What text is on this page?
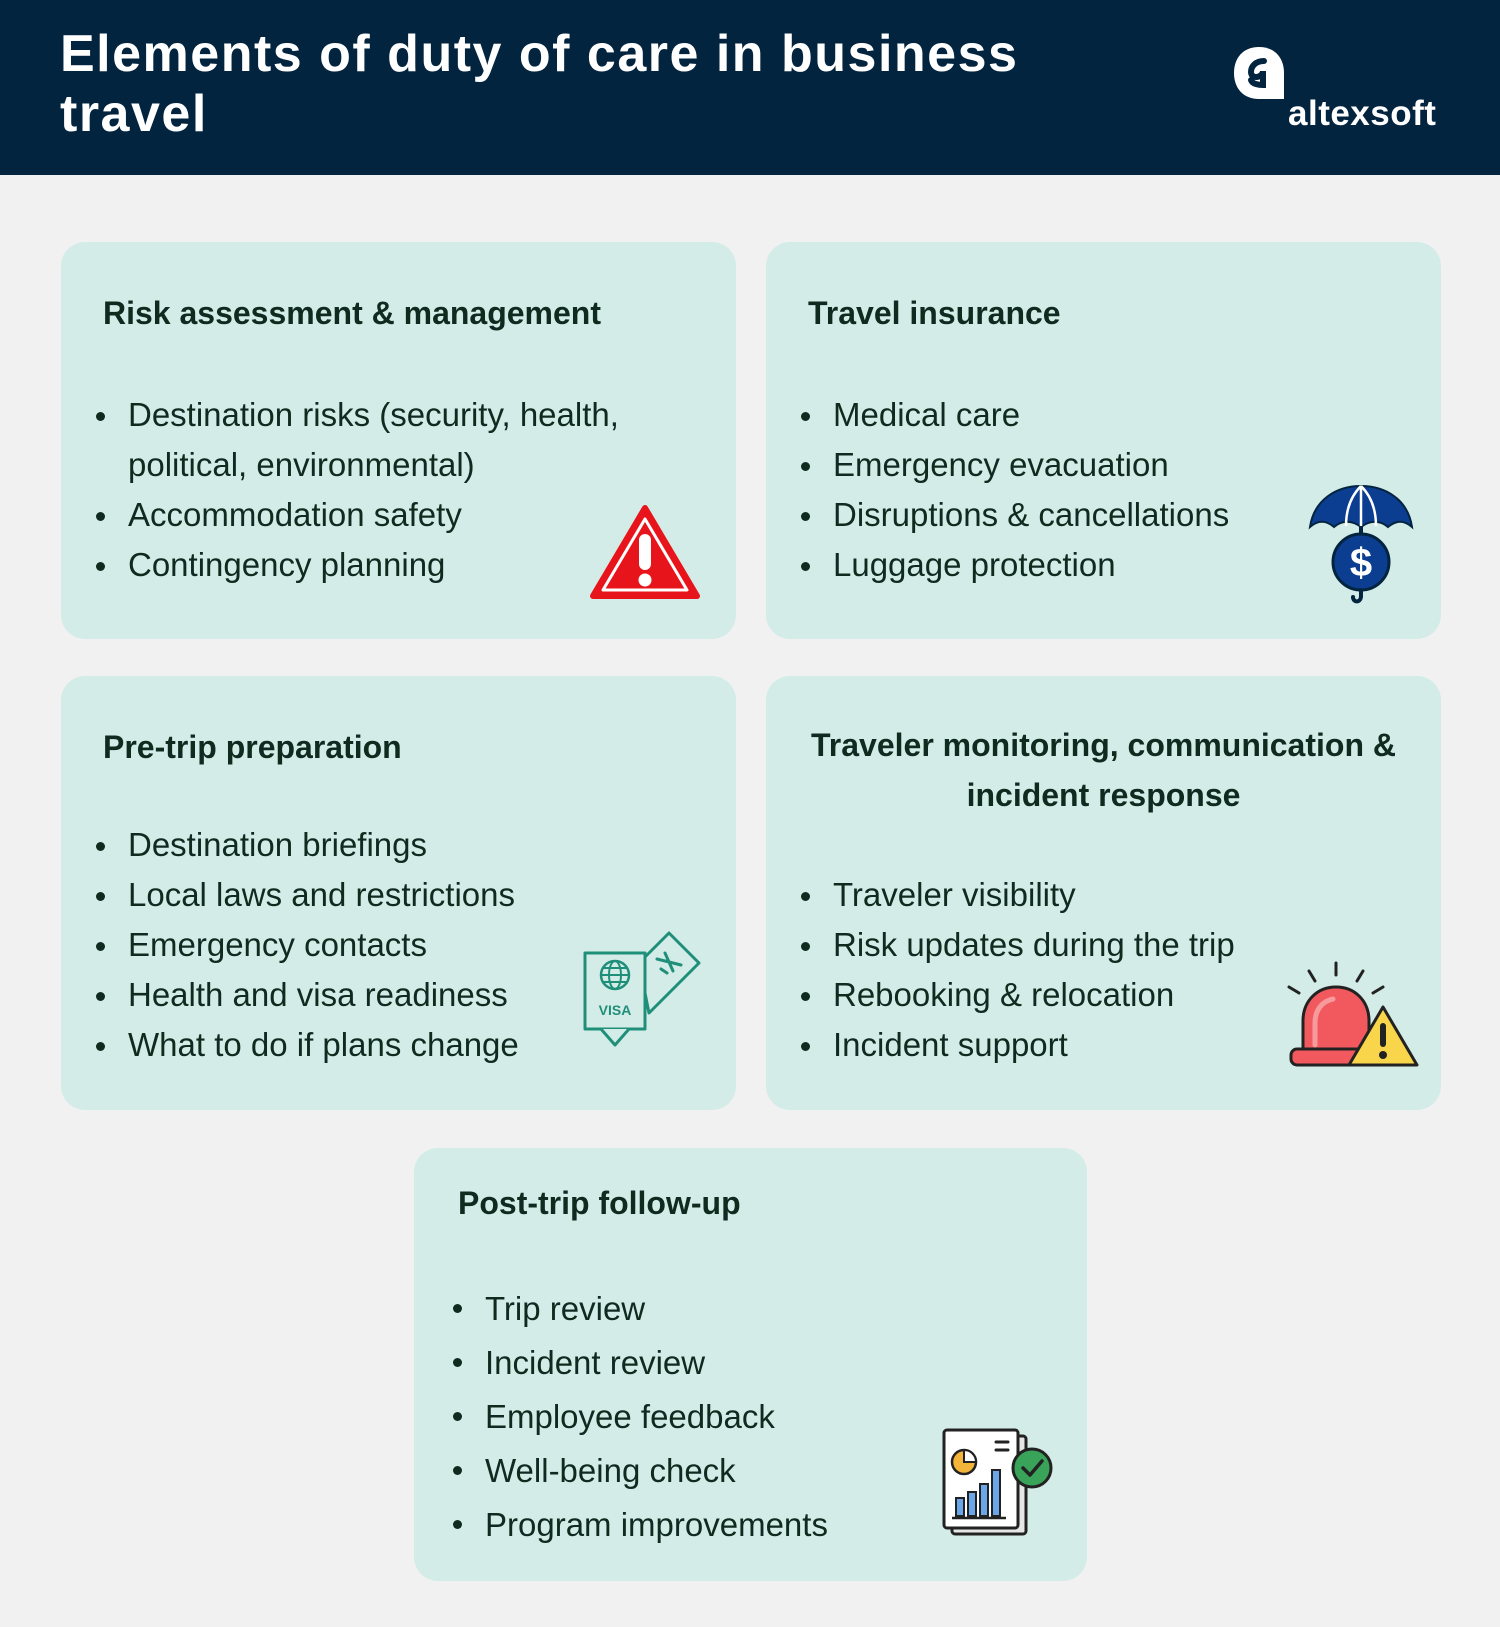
Elements of duty of care in business travel	altexsoft
Risk assessment & management
Destination risks (security, health, political, environmental)
Accommodation safety
Contingency planning
Travel insurance
Medical care
Emergency evacuation
Disruptions & cancellations
Luggage protection	$
Pre-trip preparation
Destination briefings
Local laws and restrictions
Emergency contacts
Health and visa readiness
What to do if plans change
VISA
Traveler monitoring, communication & incident response
Traveler visibility
Risk updates during the trip
Rebooking & relocation
Incident support
Post-trip follow-up
Trip review
Incident review
Employee feedback
Well-being check
Program improvements
